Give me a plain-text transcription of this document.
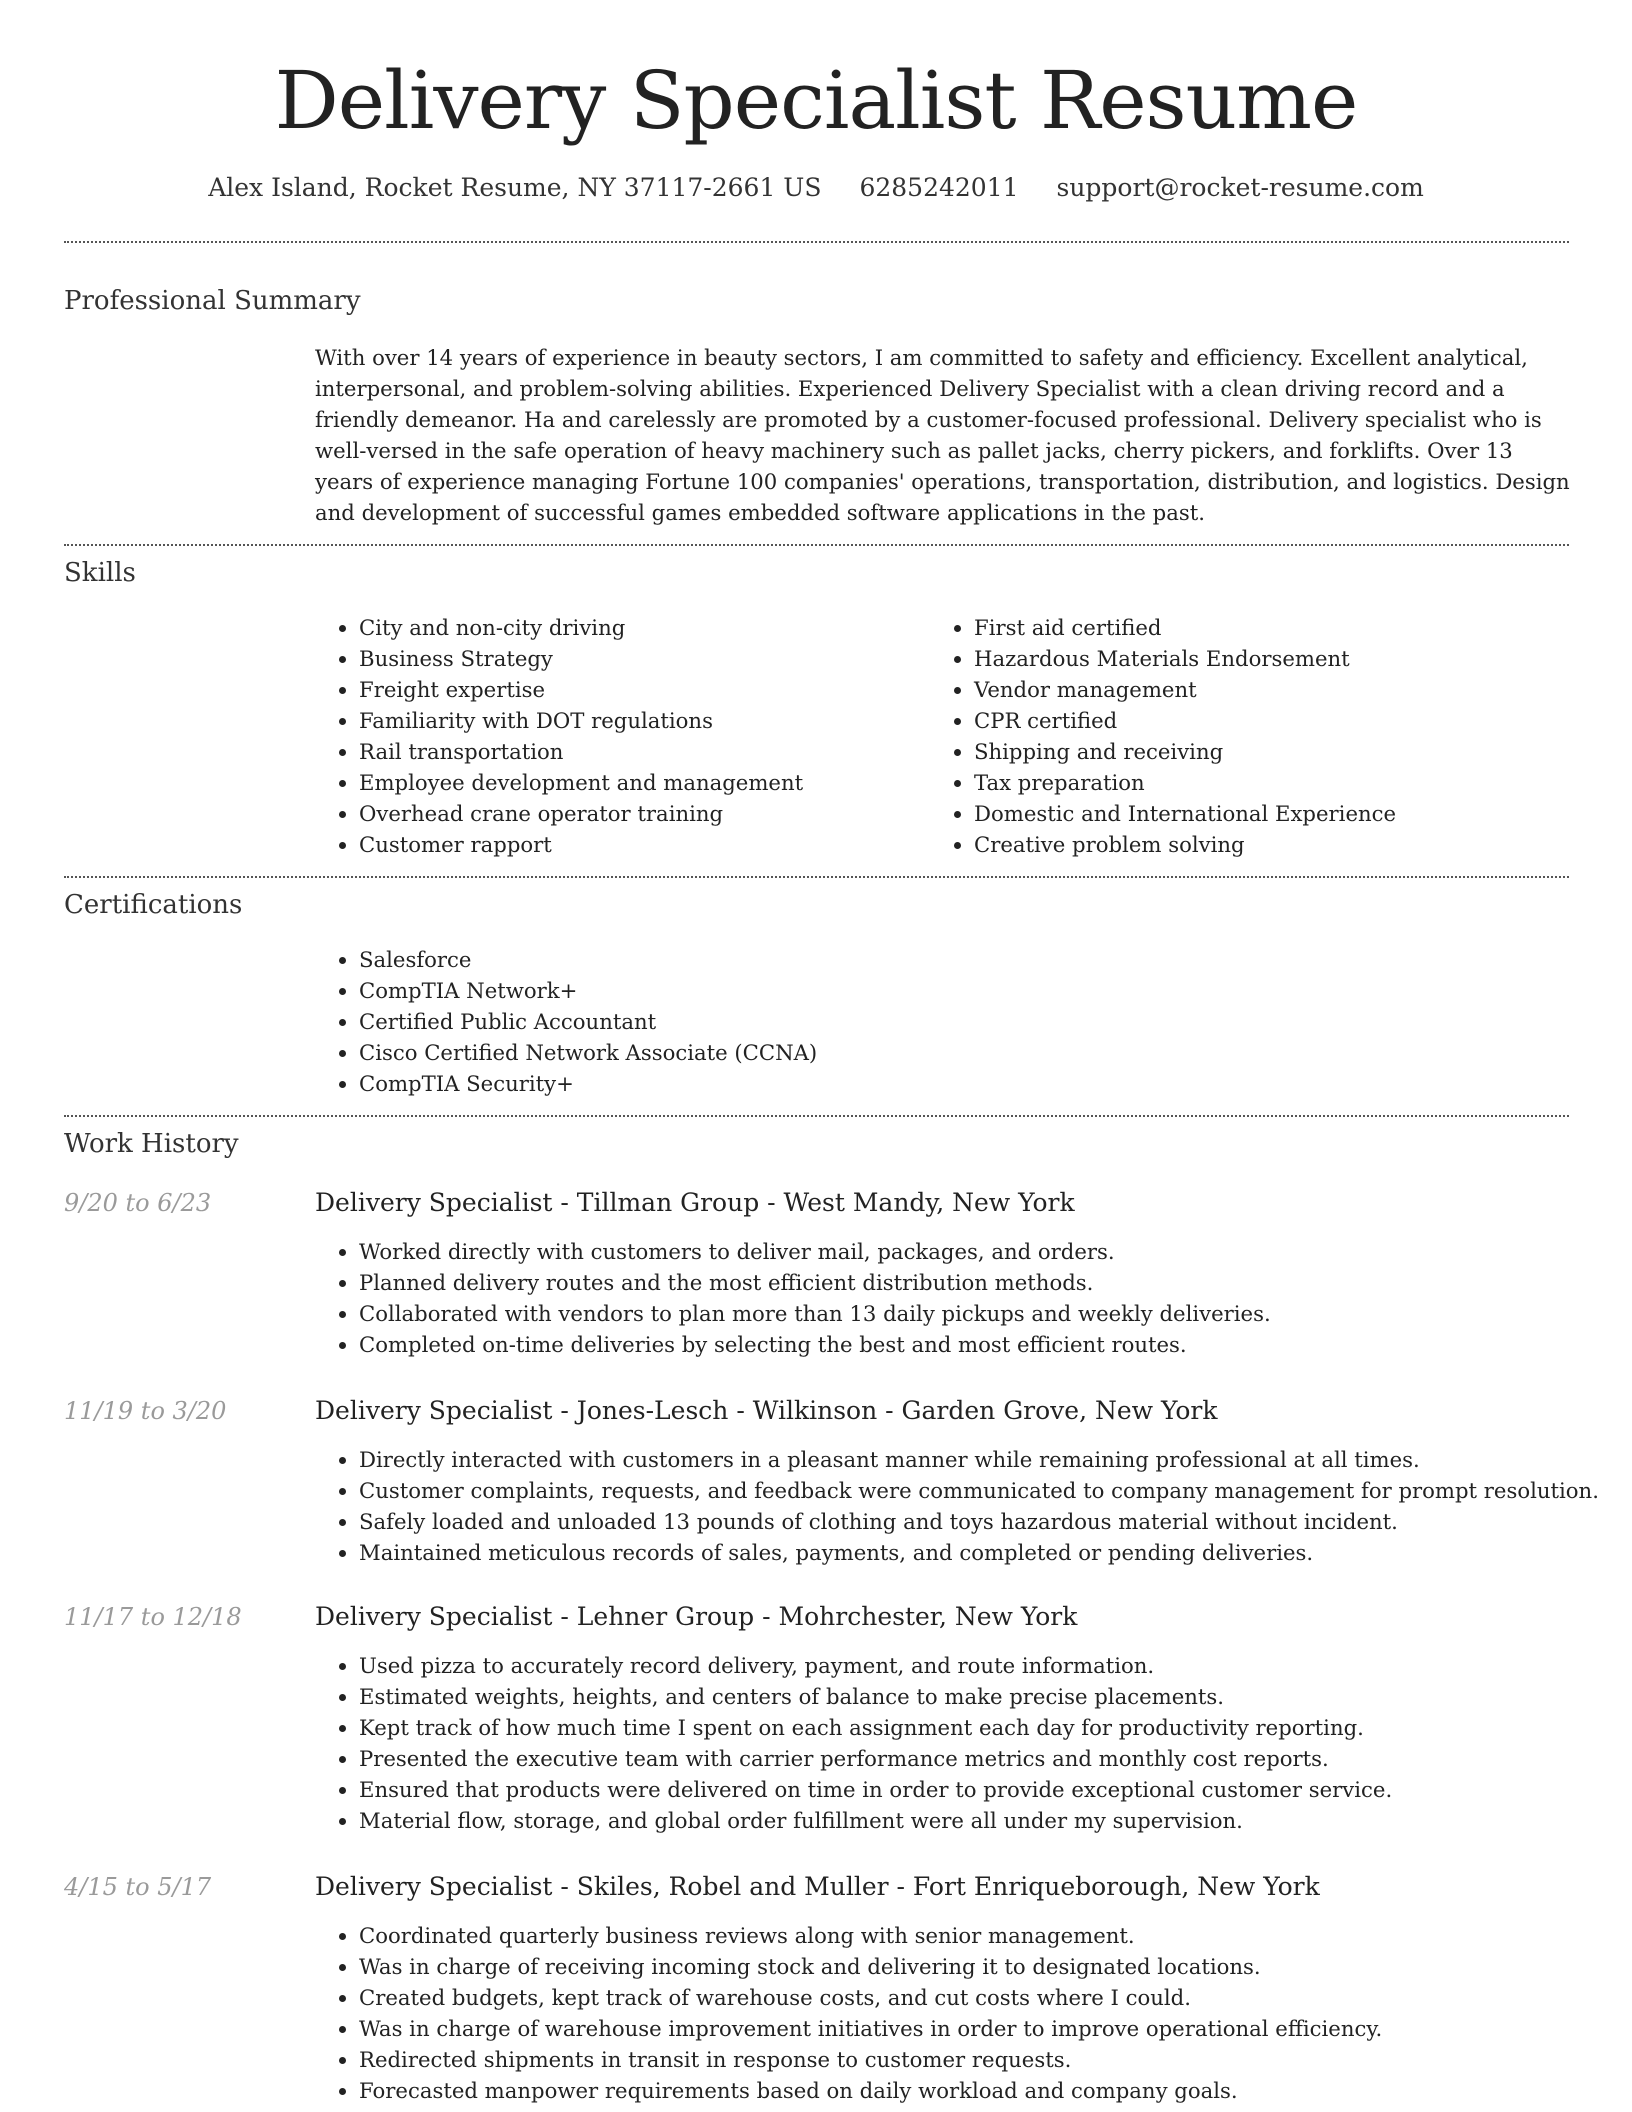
Delivery Specialist Resume
Alex Island, Rocket Resume, NY 37117-2661 US 6285242011 support@rocket-resume.com
Professional Summary

With over 14 years of experience in beauty sectors, I am committed to safety and efficiency. Excellent analytical, interpersonal, and problem-solving abilities. Experienced Delivery Specialist with a clean driving record and a friendly demeanor. Ha and carelessly are promoted by a customer-focused professional. Delivery specialist who is well-versed in the safe operation of heavy machinery such as pallet jacks, cherry pickers, and forklifts. Over 13 years of experience managing Fortune 100 companies' operations, transportation, distribution, and logistics. Design and development of successful games embedded software applications in the past.

Skills
• City and non-city driving
• Business Strategy
• Freight expertise
• Familiarity with DOT regulations
• Rail transportation
• Employee development and management
• Overhead crane operator training
• Customer rapport
• First aid certified
• Hazardous Materials Endorsement
• Vendor management
• CPR certified
• Shipping and receiving
• Tax preparation
• Domestic and International Experience
• Creative problem solving
Certifications
• Salesforce
• CompTIA Network+
• Certified Public Accountant
• Cisco Certified Network Associate (CCNA)
• CompTIA Security+
Work History
9/20 to 6/23	Delivery Specialist - Tillman Group - West Mandy, New York
• Worked directly with customers to deliver mail, packages, and orders.
• Planned delivery routes and the most efficient distribution methods.
• Collaborated with vendors to plan more than 13 daily pickups and weekly deliveries.
• Completed on-time deliveries by selecting the best and most efficient routes.
11/19 to 3/20	Delivery Specialist - Jones-Lesch - Wilkinson - Garden Grove, New York
• Directly interacted with customers in a pleasant manner while remaining professional at all times.
• Customer complaints, requests, and feedback were communicated to company management for prompt resolution.
• Safely loaded and unloaded 13 pounds of clothing and toys hazardous material without incident.
• Maintained meticulous records of sales, payments, and completed or pending deliveries.
11/17 to 12/18	Delivery Specialist - Lehner Group - Mohrchester, New York
• Used pizza to accurately record delivery, payment, and route information.
• Estimated weights, heights, and centers of balance to make precise placements.
• Kept track of how much time I spent on each assignment each day for productivity reporting.
• Presented the executive team with carrier performance metrics and monthly cost reports.
• Ensured that products were delivered on time in order to provide exceptional customer service.
• Material flow, storage, and global order fulfillment were all under my supervision.
4/15 to 5/17	Delivery Specialist - Skiles, Robel and Muller - Fort Enriqueborough, New York
• Coordinated quarterly business reviews along with senior management.
• Was in charge of receiving incoming stock and delivering it to designated locations.
• Created budgets, kept track of warehouse costs, and cut costs where I could.
• Was in charge of warehouse improvement initiatives in order to improve operational efficiency.
• Redirected shipments in transit in response to customer requests.
• Forecasted manpower requirements based on daily workload and company goals.
